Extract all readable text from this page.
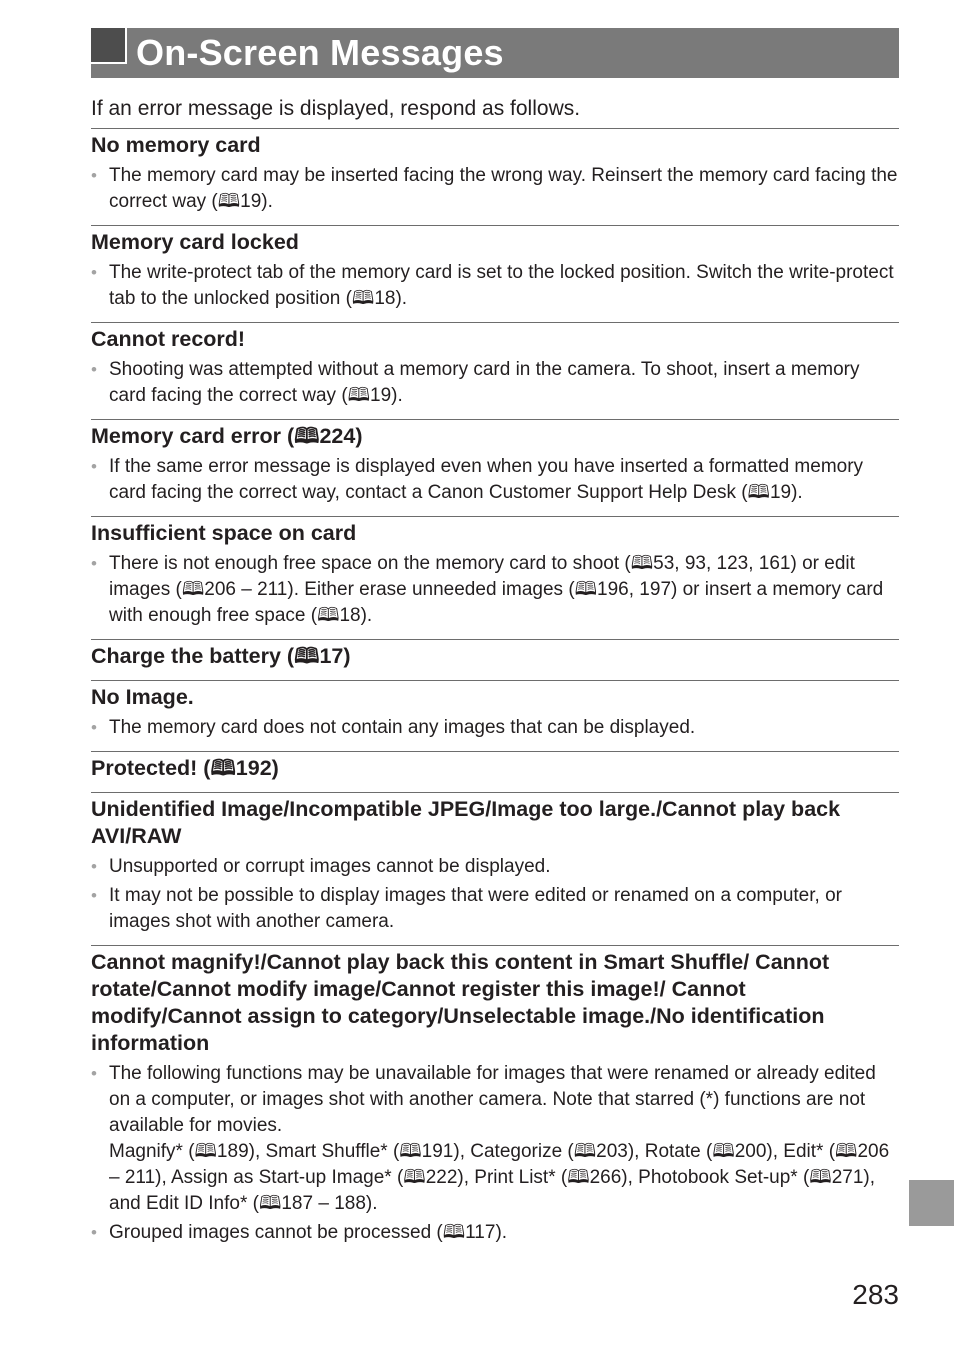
On-Screen Messages

If an error message is displayed, respond as follows.

No memory card
• The memory card may be inserted facing the wrong way. Reinsert the memory card facing the correct way (🕮19).
Memory card locked
• The write-protect tab of the memory card is set to the locked position. Switch the write-protect tab to the unlocked position (🕮18).
Cannot record!
• Shooting was attempted without a memory card in the camera. To shoot, insert a memory card facing the correct way (🕮19).
Memory card error (🕮224)
• If the same error message is displayed even when you have inserted a formatted memory card facing the correct way, contact a Canon Customer Support Help Desk (🕮19).
Insufficient space on card
• There is not enough free space on the memory card to shoot (🕮53, 93, 123, 161) or edit images (🕮206 – 211). Either erase unneeded images (🕮196, 197) or insert a memory card with enough free space (🕮18).
Charge the battery (🕮17)
No Image.
• The memory card does not contain any images that can be displayed.
Protected! (🕮192)
Unidentified Image/Incompatible JPEG/Image too large./Cannot play back AVI/RAW
• Unsupported or corrupt images cannot be displayed.
• It may not be possible to display images that were edited or renamed on a computer, or images shot with another camera.
Cannot magnify!/Cannot play back this content in Smart Shuffle/ Cannot rotate/Cannot modify image/Cannot register this image!/ Cannot modify/Cannot assign to category/Unselectable image./No identification information
• The following functions may be unavailable for images that were renamed or already edited on a computer, or images shot with another camera. Note that starred (*) functions are not available for movies.
Magnify* (🕮189), Smart Shuffle* (🕮191), Categorize (🕮203), Rotate (🕮200), Edit* (🕮206 – 211), Assign as Start-up Image* (🕮222), Print List* (🕮266), Photobook Set-up* (🕮271), and Edit ID Info* (🕮187 – 188).
• Grouped images cannot be processed (🕮117).

283
